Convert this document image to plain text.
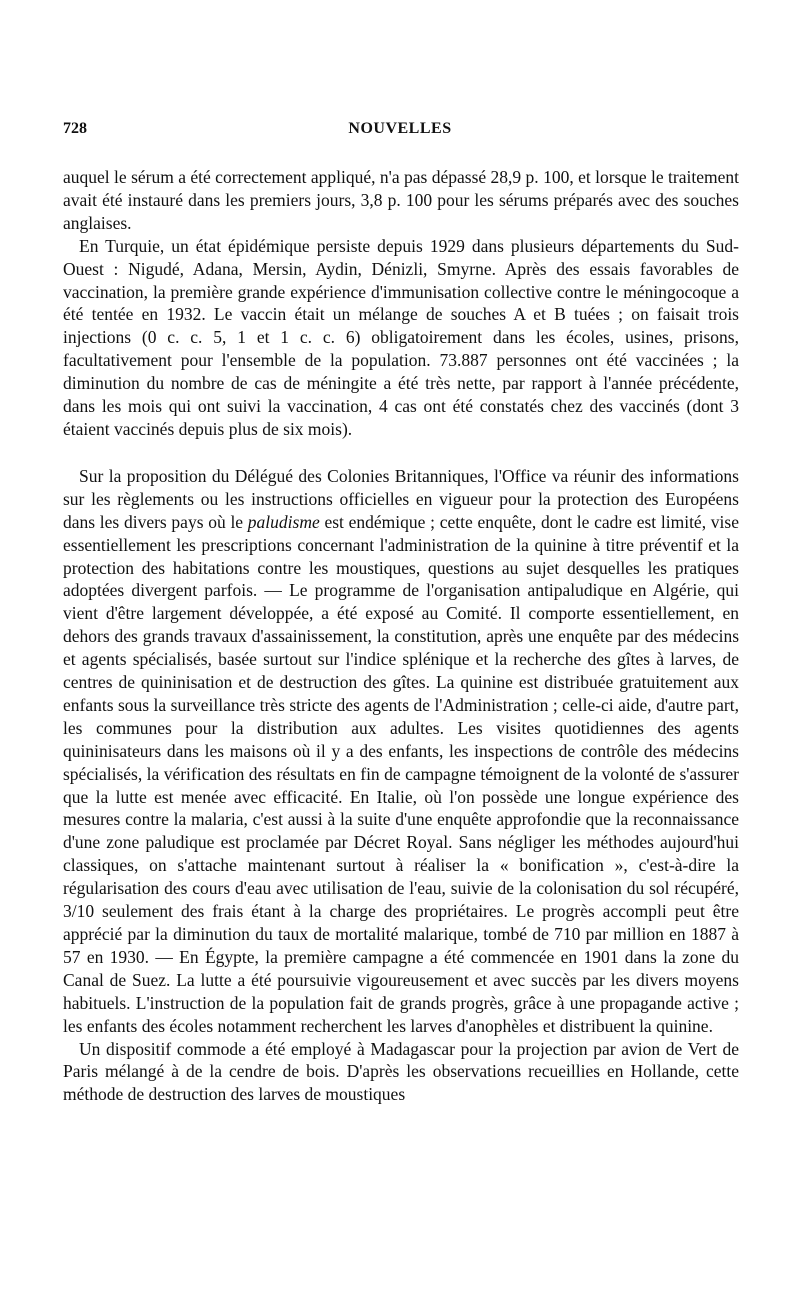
728	NOUVELLES

auquel le sérum a été correctement appliqué, n'a pas dépassé 28,9 p. 100, et lorsque le traitement avait été instauré dans les premiers jours, 3,8 p. 100 pour les sérums préparés avec des souches anglaises.

En Turquie, un état épidémique persiste depuis 1929 dans plusieurs départements du Sud-Ouest : Nigudé, Adana, Mersin, Aydin, Dénizli, Smyrne. Après des essais favorables de vaccination, la première grande expérience d'immunisation collective contre le méningocoque a été tentée en 1932. Le vaccin était un mélange de souches A et B tuées ; on faisait trois injections (0 c. c. 5, 1 et 1 c. c. 6) obligatoirement dans les écoles, usines, prisons, facultativement pour l'ensemble de la population. 73.887 personnes ont été vaccinées ; la diminution du nombre de cas de méningite a été très nette, par rapport à l'année précédente, dans les mois qui ont suivi la vaccination, 4 cas ont été constatés chez des vaccinés (dont 3 étaient vaccinés depuis plus de six mois).

Sur la proposition du Délégué des Colonies Britanniques, l'Office va réunir des informations sur les règlements ou les instructions officielles en vigueur pour la protection des Européens dans les divers pays où le paludisme est endémique ; cette enquête, dont le cadre est limité, vise essentiellement les prescriptions concernant l'administration de la quinine à titre préventif et la protection des habitations contre les moustiques, questions au sujet desquelles les pratiques adoptées divergent parfois. — Le programme de l'organisation antipaludique en Algérie, qui vient d'être largement développée, a été exposé au Comité. Il comporte essentiellement, en dehors des grands travaux d'assainissement, la constitution, après une enquête par des médecins et agents spécialisés, basée surtout sur l'indice splénique et la recherche des gîtes à larves, de centres de quininisation et de destruction des gîtes. La quinine est distribuée gratuitement aux enfants sous la surveillance très stricte des agents de l'Administration ; celle-ci aide, d'autre part, les communes pour la distribution aux adultes. Les visites quotidiennes des agents quininisateurs dans les maisons où il y a des enfants, les inspections de contrôle des médecins spécialisés, la vérification des résultats en fin de campagne témoignent de la volonté de s'assurer que la lutte est menée avec efficacité. En Italie, où l'on possède une longue expérience des mesures contre la malaria, c'est aussi à la suite d'une enquête approfondie que la reconnaissance d'une zone paludique est proclamée par Décret Royal. Sans négliger les méthodes aujourd'hui classiques, on s'attache maintenant surtout à réaliser la « bonification », c'est-à-dire la régularisation des cours d'eau avec utilisation de l'eau, suivie de la colonisation du sol récupéré, 3/10 seulement des frais étant à la charge des propriétaires. Le progrès accompli peut être apprécié par la diminution du taux de mortalité malarique, tombé de 710 par million en 1887 à 57 en 1930. — En Égypte, la première campagne a été commencée en 1901 dans la zone du Canal de Suez. La lutte a été poursuivie vigoureusement et avec succès par les divers moyens habituels. L'instruction de la population fait de grands progrès, grâce à une propagande active ; les enfants des écoles notamment recherchent les larves d'anophèles et distribuent la quinine.

Un dispositif commode a été employé à Madagascar pour la projection par avion de Vert de Paris mélangé à de la cendre de bois. D'après les observations recueillies en Hollande, cette méthode de destruction des larves de moustiques
